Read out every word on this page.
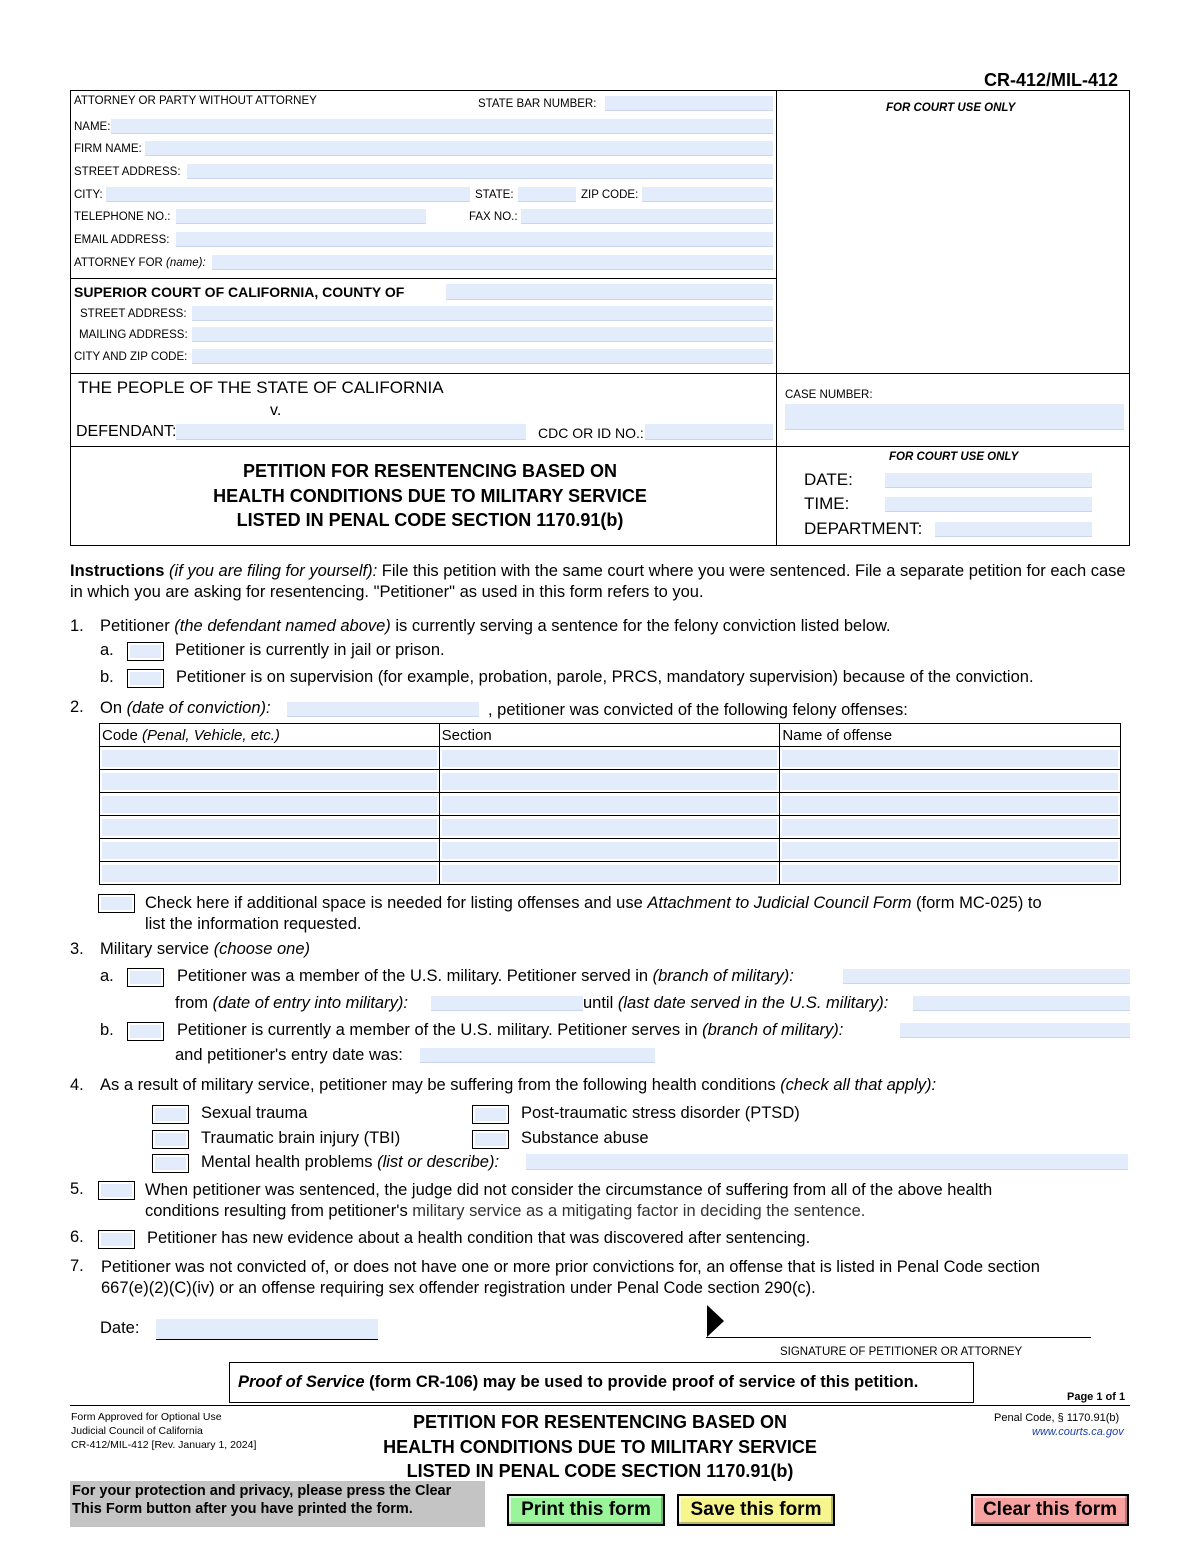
CR-412/MIL-412
ATTORNEY OR PARTY WITHOUT ATTORNEY	STATE BAR NUMBER:
NAME:
FIRM NAME:
STREET ADDRESS:
CITY:	STATE:	ZIP CODE:
TELEPHONE NO.:	FAX NO.:
EMAIL ADDRESS:
ATTORNEY FOR (name):
FOR COURT USE ONLY
SUPERIOR COURT OF CALIFORNIA, COUNTY OF
STREET ADDRESS:
MAILING ADDRESS:
CITY AND ZIP CODE:
THE PEOPLE OF THE STATE OF CALIFORNIA
v.
DEFENDANT:	CDC OR ID NO.:
CASE NUMBER:
PETITION FOR RESENTENCING BASED ON
HEALTH CONDITIONS DUE TO MILITARY SERVICE
LISTED IN PENAL CODE SECTION 1170.91(b)
FOR COURT USE ONLY
DATE:
TIME:
DEPARTMENT:
Instructions (if you are filing for yourself): File this petition with the same court where you were sentenced. File a separate petition for each case in which you are asking for resentencing. "Petitioner" as used in this form refers to you.
1. Petitioner (the defendant named above) is currently serving a sentence for the felony conviction listed below.
a.	Petitioner is currently in jail or prison.
b.	Petitioner is on supervision (for example, probation, parole, PRCS, mandatory supervision) because of the conviction.
2. On (date of conviction):	, petitioner was convicted of the following felony offenses:
Code (Penal, Vehicle, etc.)	Section	Name of offense

Check here if additional space is needed for listing offenses and use Attachment to Judicial Council Form (form MC-025) to
list the information requested.
3. Military service (choose one)
a.	Petitioner was a member of the U.S. military. Petitioner served in (branch of military):
from (date of entry into military):	until (last date served in the U.S. military):
b.	Petitioner is currently a member of the U.S. military. Petitioner serves in (branch of military):
and petitioner's entry date was:
4. As a result of military service, petitioner may be suffering from the following health conditions (check all that apply):
Sexual trauma	Post-traumatic stress disorder (PTSD)
Traumatic brain injury (TBI)	Substance abuse
Mental health problems (list or describe):
5.	When petitioner was sentenced, the judge did not consider the circumstance of suffering from all of the above health
conditions resulting from petitioner's military service as a mitigating factor in deciding the sentence.
6.	Petitioner has new evidence about a health condition that was discovered after sentencing.
7. Petitioner was not convicted of, or does not have one or more prior convictions for, an offense that is listed in Penal Code section
667(e)(2)(C)(iv) or an offense requiring sex offender registration under Penal Code section 290(c).
Date:
SIGNATURE OF PETITIONER OR ATTORNEY
Proof of Service (form CR-106) may be used to provide proof of service of this petition.
Page 1 of 1
Form Approved for Optional Use
Judicial Council of California
CR-412/MIL-412 [Rev. January 1, 2024]
PETITION FOR RESENTENCING BASED ON
HEALTH CONDITIONS DUE TO MILITARY SERVICE
LISTED IN PENAL CODE SECTION 1170.91(b)
Penal Code, § 1170.91(b)
www.courts.ca.gov
For your protection and privacy, please press the Clear
This Form button after you have printed the form.	Print this form	Save this form	Clear this form
